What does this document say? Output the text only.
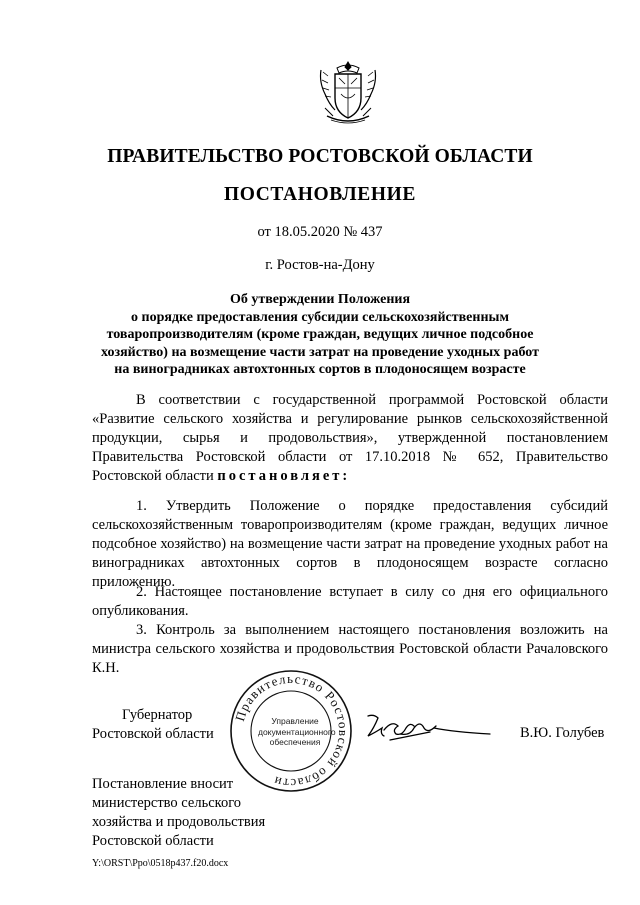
ПРАВИТЕЛЬСТВО РОСТОВСКОЙ ОБЛАСТИ
ПОСТАНОВЛЕНИЕ
от 18.05.2020 № 437
г. Ростов-на-Дону
Об утверждении Положения
о порядке предоставления субсидии сельскохозяйственным
товаропроизводителям (кроме граждан, ведущих личное подсобное
хозяйство) на возмещение части затрат на проведение уходных работ
на виноградниках автохтонных сортов в плодоносящем возрасте
В соответствии с государственной программой Ростовской области «Развитие сельского хозяйства и регулирование рынков сельскохозяйственной продукции, сырья и продовольствия», утвержденной постановлением Правительства Ростовской области от 17.10.2018 № 652, Правительство Ростовской области постановляет:
1. Утвердить Положение о порядке предоставления субсидий сельскохозяйственным товаропроизводителям (кроме граждан, ведущих личное подсобное хозяйство) на возмещение части затрат на проведение уходных работ на виноградниках автохтонных сортов в плодоносящем возрасте согласно приложению.
2. Настоящее постановление вступает в силу со дня его официального опубликования.
3. Контроль за выполнением настоящего постановления возложить на министра сельского хозяйства и продовольствия Ростовской области Рачаловского К.Н.
Губернатор
Ростовской области
Правительство Ростовской области
Управление
документационного
обеспечения
В.Ю. Голубев
Постановление вносит
министерство сельского
хозяйства и продовольствия
Ростовской области
Y:\ORST\Ppo\0518p437.f20.docx
